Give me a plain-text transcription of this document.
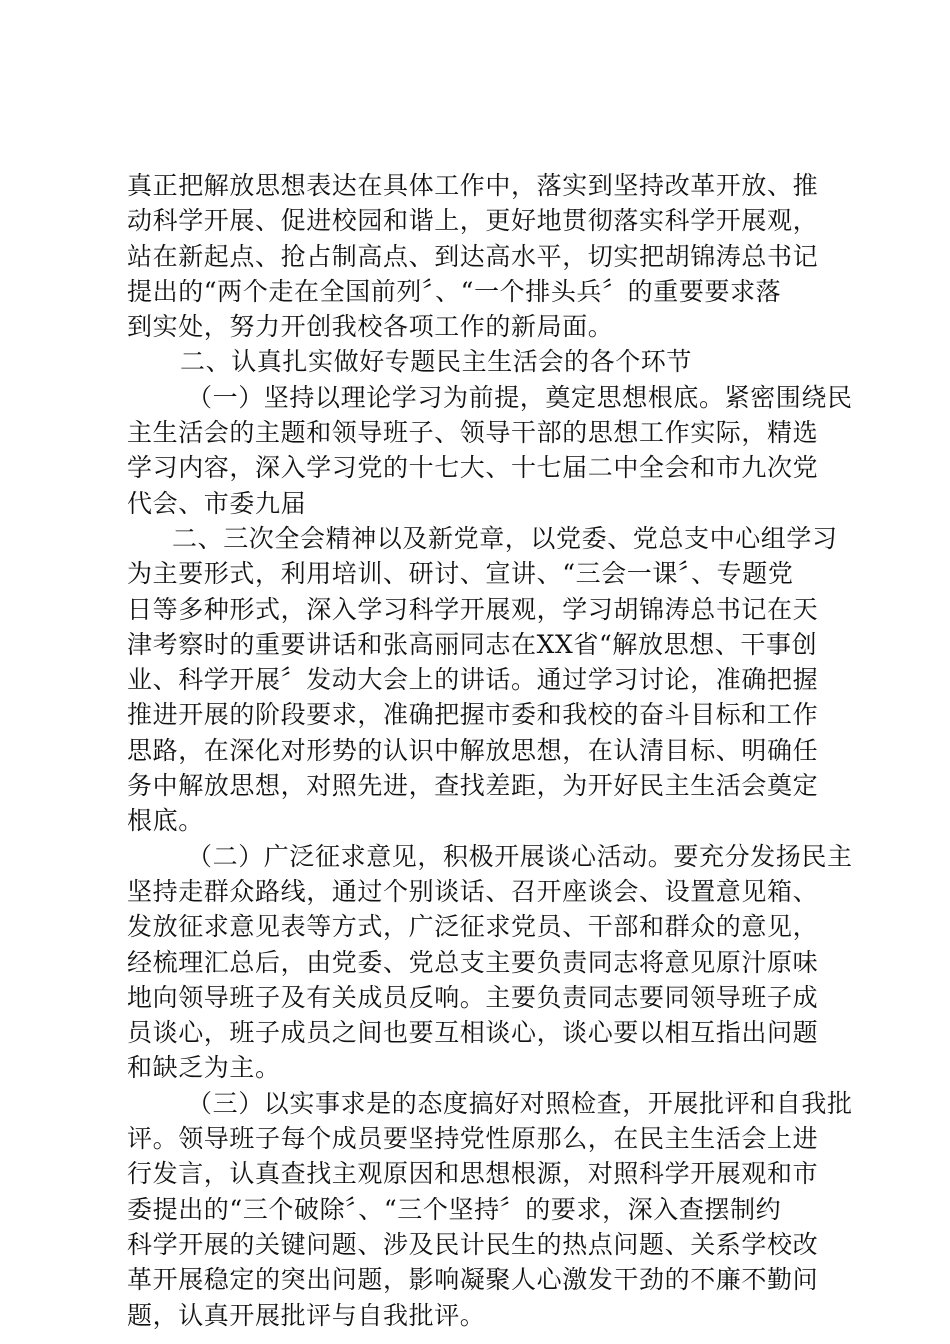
真正把解放思想表达在具体工作中，落实到坚持改革开放、推
动科学开展、促进校园和谐上，更好地贯彻落实科学开展观，
站在新起点、抢占制高点、到达高水平，切实把胡锦涛总书记
提出的“两个走在全国前列〞、“一个排头兵〞的重要要求落
到实处，努力开创我校各项工作的新局面。
二、认真扎实做好专题民主生活会的各个环节
（一）坚持以理论学习为前提，奠定思想根底。紧密围绕民
主生活会的主题和领导班子、领导干部的思想工作实际，精选
学习内容，深入学习党的十七大、十七届二中全会和市九次党
代会、市委九届
二、三次全会精神以及新党章，以党委、党总支中心组学习
为主要形式，利用培训、研讨、宣讲、“三会一课〞、专题党
日等多种形式，深入学习科学开展观，学习胡锦涛总书记在天
津考察时的重要讲话和张高丽同志在XX省“解放思想、干事创
业、科学开展〞发动大会上的讲话。通过学习讨论，准确把握
推进开展的阶段要求，准确把握市委和我校的奋斗目标和工作
思路，在深化对形势的认识中解放思想，在认清目标、明确任
务中解放思想，对照先进，查找差距，为开好民主生活会奠定
根底。
（二）广泛征求意见，积极开展谈心活动。要充分发扬民主
坚持走群众路线，通过个别谈话、召开座谈会、设置意见箱、
发放征求意见表等方式，广泛征求党员、干部和群众的意见，
经梳理汇总后，由党委、党总支主要负责同志将意见原汁原味
地向领导班子及有关成员反响。主要负责同志要同领导班子成
员谈心，班子成员之间也要互相谈心，谈心要以相互指出问题
和缺乏为主。
（三）以实事求是的态度搞好对照检查，开展批评和自我批
评。领导班子每个成员要坚持党性原那么，在民主生活会上进
行发言，认真查找主观原因和思想根源，对照科学开展观和市
委提出的“三个破除〞、“三个坚持〞的要求，深入查摆制约
科学开展的关键问题、涉及民计民生的热点问题、关系学校改
革开展稳定的突出问题，影响凝聚人心激发干劲的不廉不勤问
题，认真开展批评与自我批评。
